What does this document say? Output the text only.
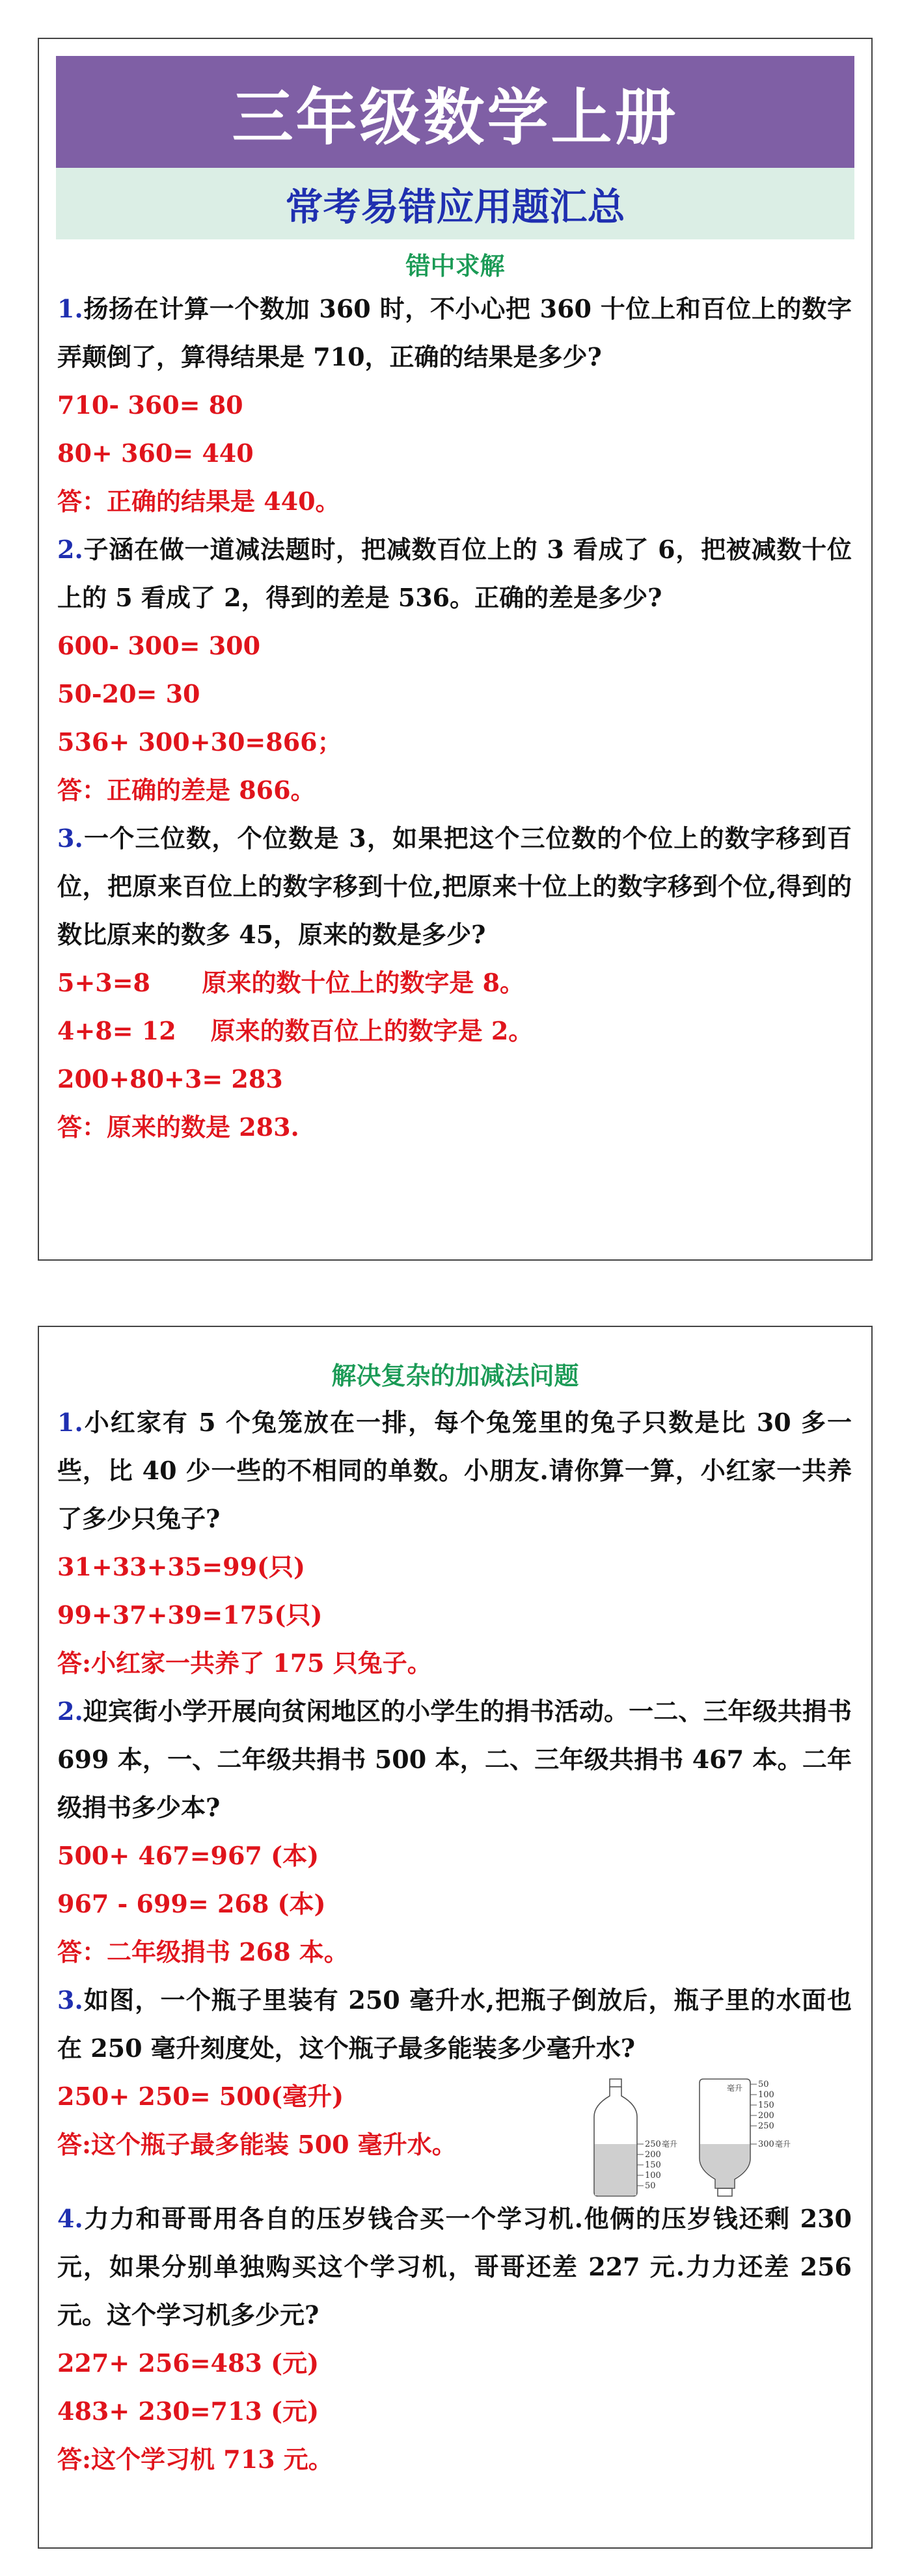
三年级数学上册
常考易错应用题汇总
错中求解

1.扬扬在计算一个数加 360 时，不小心把 360 十位上和百位上的数字弄颠倒了，算得结果是 710，正确的结果是多少?

710- 360= 80

80+ 360= 440

答：正确的结果是 440。

2.子涵在做一道减法题时，把减数百位上的 3 看成了 6，把被减数十位上的 5 看成了 2，得到的差是 536。正确的差是多少?

600- 300= 300

50-20= 30

536+ 300+30=866；

答：正确的差是 866。

3.一个三位数，个位数是 3，如果把这个三位数的个位上的数字移到百位，把原来百位上的数字移到十位,把原来十位上的数字移到个位,得到的数比原来的数多 45，原来的数是多少?

5+3=8      原来的数十位上的数字是 8。

4+8= 12    原来的数百位上的数字是 2。

200+80+3= 283

答：原来的数是 283.

解决复杂的加减法问题

1.小红家有 5 个兔笼放在一排，每个兔笼里的兔子只数是比 30 多一些，比 40 少一些的不相同的单数。小朋友.请你算一算，小红家一共养了多少只兔子?

31+33+35=99(只)

99+37+39=175(只)

答:小红家一共养了 175 只兔子。

2.迎宾街小学开展向贫闲地区的小学生的捐书活动。一二、三年级共捐书 699 本，一、二年级共捐书 500 本，二、三年级共捐书 467 本。二年级捐书多少本?

500+ 467=967 (本)

967 - 699= 268 (本)

答：二年级捐书 268 本。

3.如图，一个瓶子里装有 250 毫升水,把瓶子倒放后，瓶子里的水面也在 250 毫升刻度处，这个瓶子最多能装多少毫升水?

250+ 250= 500(毫升)

答:这个瓶子最多能装 500 毫升水。	250
200
150
100
50
毫升
50
100
150
200
250
300 毫升
毫升

4.力力和哥哥用各自的压岁钱合买一个学习机.他俩的压岁钱还剩 230 元，如果分别单独购买这个学习机，哥哥还差 227 元.力力还差 256 元。这个学习机多少元?

227+ 256=483 (元)

483+ 230=713 (元)

答:这个学习机 713 元。
